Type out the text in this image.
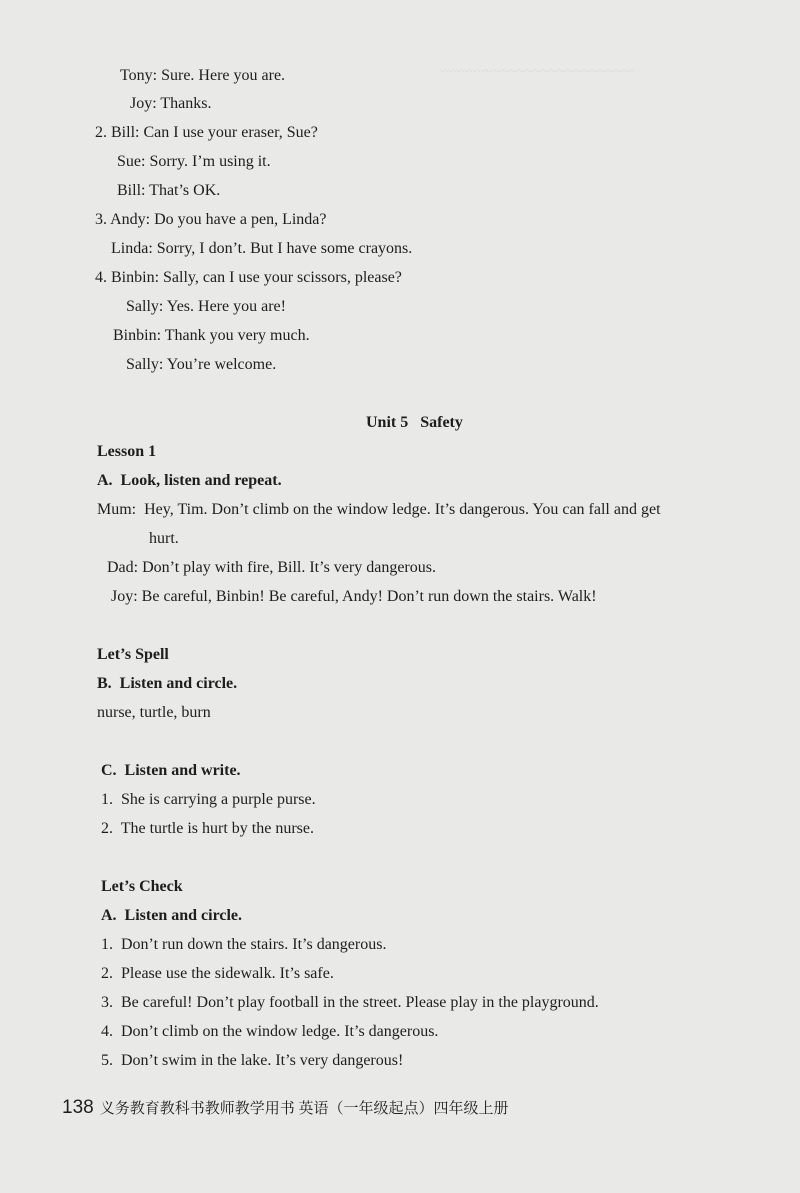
~~~~~~~~~~~~~~~~~~~~~~~~
Tony: Sure. Here you are.
Joy: Thanks.
2. Bill: Can I use your eraser, Sue?
Sue: Sorry. I’m using it.
Bill: That’s OK.
3. Andy: Do you have a pen, Linda?
Linda: Sorry, I don’t. But I have some crayons.
4. Binbin: Sally, can I use your scissors, please?
Sally: Yes. Here you are!
Binbin: Thank you very much.
Sally: You’re welcome.
Unit 5   Safety
Lesson 1
A.  Look, listen and repeat.
Mum:  Hey, Tim. Don’t climb on the window ledge. It’s dangerous. You can fall and get
hurt.
Dad: Don’t play with fire, Bill. It’s very dangerous.
Joy: Be careful, Binbin! Be careful, Andy! Don’t run down the stairs. Walk!
Let’s Spell
B.  Listen and circle.
nurse, turtle, burn
C.  Listen and write.
1.  She is carrying a purple purse.
2.  The turtle is hurt by the nurse.
Let’s Check
A.  Listen and circle.
1.  Don’t run down the stairs. It’s dangerous.
2.  Please use the sidewalk. It’s safe.
3.  Be careful! Don’t play football in the street. Please play in the playground.
4.  Don’t climb on the window ledge. It’s dangerous.
5.  Don’t swim in the lake. It’s very dangerous!
138 义务教育教科书教师教学用书 英语（一年级起点）四年级上册
